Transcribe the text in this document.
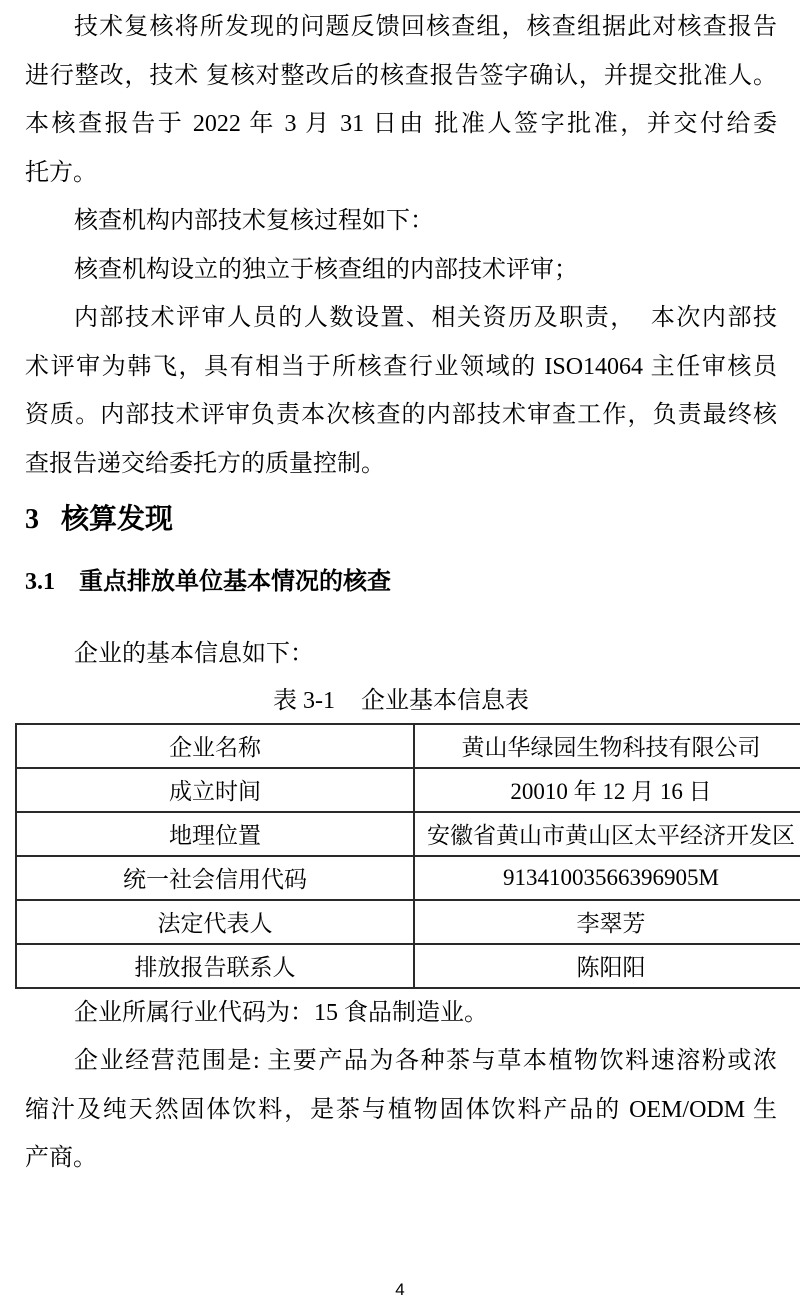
技术复核将所发现的问题反馈回核查组，核查组据此对核查报告
进行整改，技术 复核对整改后的核查报告签字确认，并提交批准人。
本核查报告于 2022 年 3 月 31 日由 批准人签字批准，并交付给委
托方。
核查机构内部技术复核过程如下：
核查机构设立的独立于核查组的内部技术评审；
内部技术评审人员的人数设置、相关资历及职责，  本次内部技
术评审为韩飞，具有相当于所核查行业领域的 ISO14064 主任审核员
资质。内部技术评审负责本次核查的内部技术审查工作，负责最终核
查报告递交给委托方的质量控制。
3 核算发现
3.1 重点排放单位基本情况的核查
企业的基本信息如下：
表 3-1 企业基本信息表
企业名称	黄山华绿园生物科技有限公司
成立时间	20010 年 12 月 16 日
地理位置	安徽省黄山市黄山区太平经济开发区
统一社会信用代码	91341003566396905M
法定代表人	李翠芳
排放报告联系人	陈阳阳
企业所属行业代码为：15 食品制造业。
企业经营范围是: 主要产品为各种茶与草本植物饮料速溶粉或浓
缩汁及纯天然固体饮料，是茶与植物固体饮料产品的 OEM/ODM 生
产商。
4
